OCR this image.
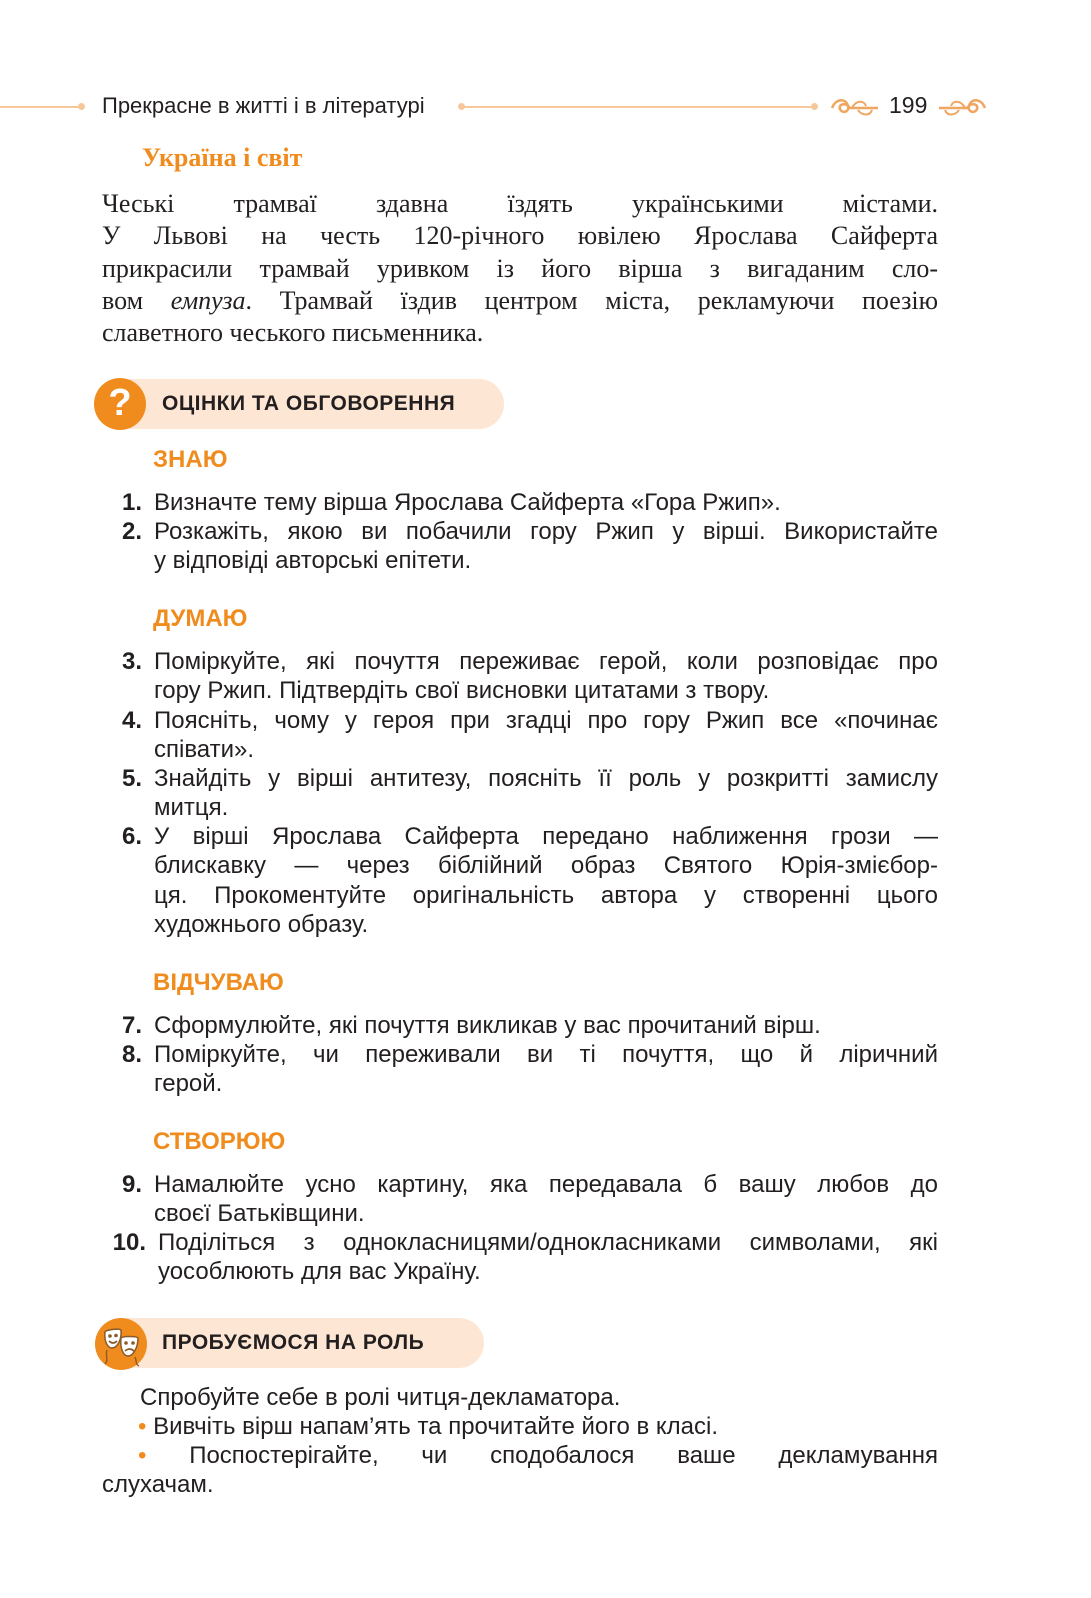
Прекрасне в житті і в літературі	199
Україна і світ
Чеські трамваї здавна їздять українськими містами.
У Львові на честь 120-річного ювілею Ярослава Сайферта
прикрасили трамвай уривком із його вірша з вигаданим сло-
вом емпуза. Трамвай їздив центром міста, рекламуючи поезію
славетного чеського письменника.
?	ОЦІНКИ ТА ОБГОВОРЕННЯ
ЗНАЮ
1. Визначте тему вірша Ярослава Сайферта «Гора Ржип».
2. Розкажіть, якою ви побачили гору Ржип у вірші. Використайте
у відповіді авторські епітети.
ДУМАЮ
3. Поміркуйте, які почуття переживає герой, коли розповідає про
гору Ржип. Підтвердіть свої висновки цитатами з твору.
4. Поясніть, чому у героя при згадці про гору Ржип все «починає
співати».
5. Знайдіть у вірші антитезу, поясніть її роль у розкритті замислу
митця.
6. У вірші Ярослава Сайферта передано наближення грози —
блискавку — через біблійний образ Святого Юрія-змієбор-
ця. Прокоментуйте оригінальність автора у створенні цього
художнього образу.
ВІДЧУВАЮ
7. Сформулюйте, які почуття викликав у вас прочитаний вірш.
8. Поміркуйте, чи переживали ви ті почуття, що й ліричний
герой.
СТВОРЮЮ
9. Намалюйте усно картину, яка передавала б вашу любов до
своєї Батьківщини.
10. Поділіться з однокласницями/однокласниками символами, які
уособлюють для вас Україну.
ПРОБУЄМОСЯ НА РОЛЬ
Спробуйте себе в ролі читця-декламатора.
• Вивчіть вірш напам’ять та прочитайте його в класі.
• Поспостерігайте, чи сподобалося ваше декламування
слухачам.
